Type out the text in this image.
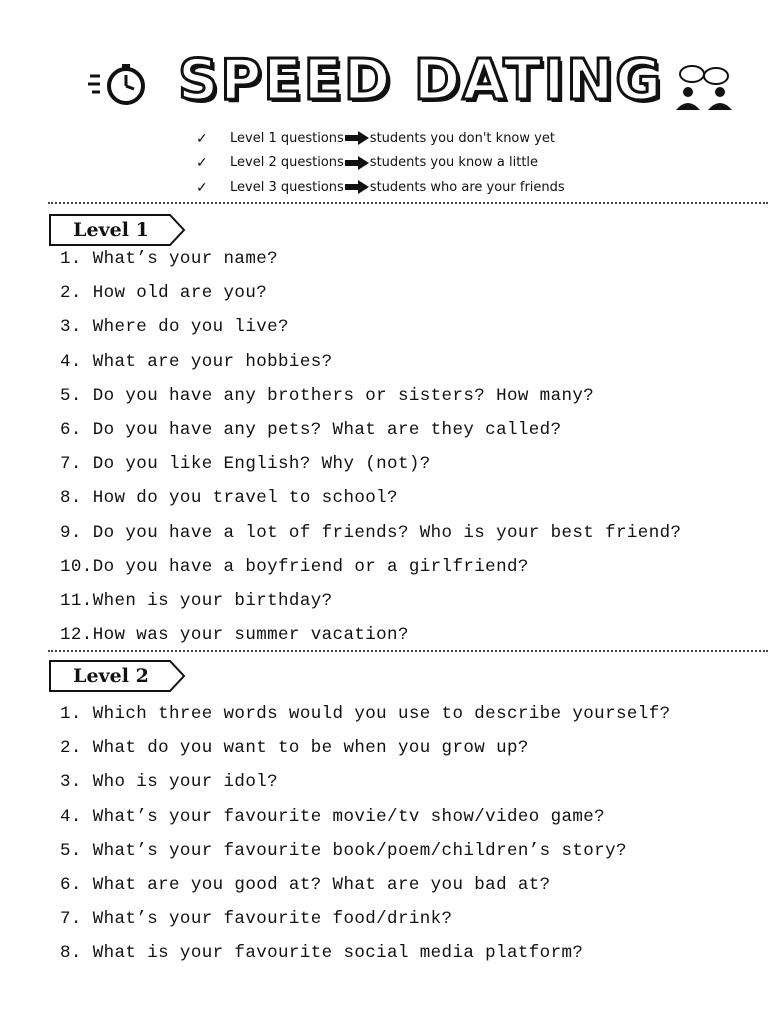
SPEED DATING
✓	Level 1 questions students you don't know yet
✓	Level 2 questions students you know a little
✓	Level 3 questions students who are your friends
Level 1
1. What’s your name?
2. How old are you?
3. Where do you live?
4. What are your hobbies?
5. Do you have any brothers or sisters? How many?
6. Do you have any pets? What are they called?
7. Do you like English? Why (not)?
8. How do you travel to school?
9. Do you have a lot of friends? Who is your best friend?
10.Do you have a boyfriend or a girlfriend?
11.When is your birthday?
12.How was your summer vacation?
Level 2
1. Which three words would you use to describe yourself?
2. What do you want to be when you grow up?
3. Who is your idol?
4. What’s your favourite movie/tv show/video game?
5. What’s your favourite book/poem/children’s story?
6. What are you good at? What are you bad at?
7. What’s your favourite food/drink?
8. What is your favourite social media platform?
